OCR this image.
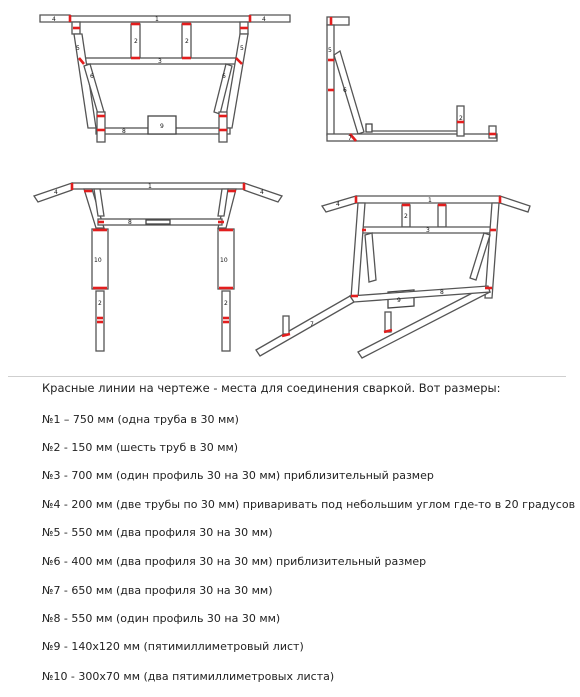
1
4	4
2	2
3
5	5
6	6
8
9
5
6
7
2
1
4	4
8
10	10
2	2
1
4
2
3
9
7
8
Красные линии на чертеже - места для соединения сваркой. Вот размеры:
№1 – 750 мм (одна труба в 30 мм)
№2 - 150 мм (шесть труб в 30 мм)
№3 - 700 мм (один профиль 30 на 30 мм) приблизительный размер
№4 - 200 мм (две трубы по 30 мм) приваривать под небольшим углом где-то в 20 градусов
№5 - 550 мм (два профиля 30 на 30 мм)
№6 - 400 мм (два профиля 30 на 30 мм) приблизительный размер
№7 - 650 мм (два профиля 30 на 30 мм)
№8 - 550 мм (один профиль 30 на 30 мм)
№9 - 140х120 мм (пятимиллиметровый лист)
№10 - 300х70 мм (два пятимиллиметровых листа)
